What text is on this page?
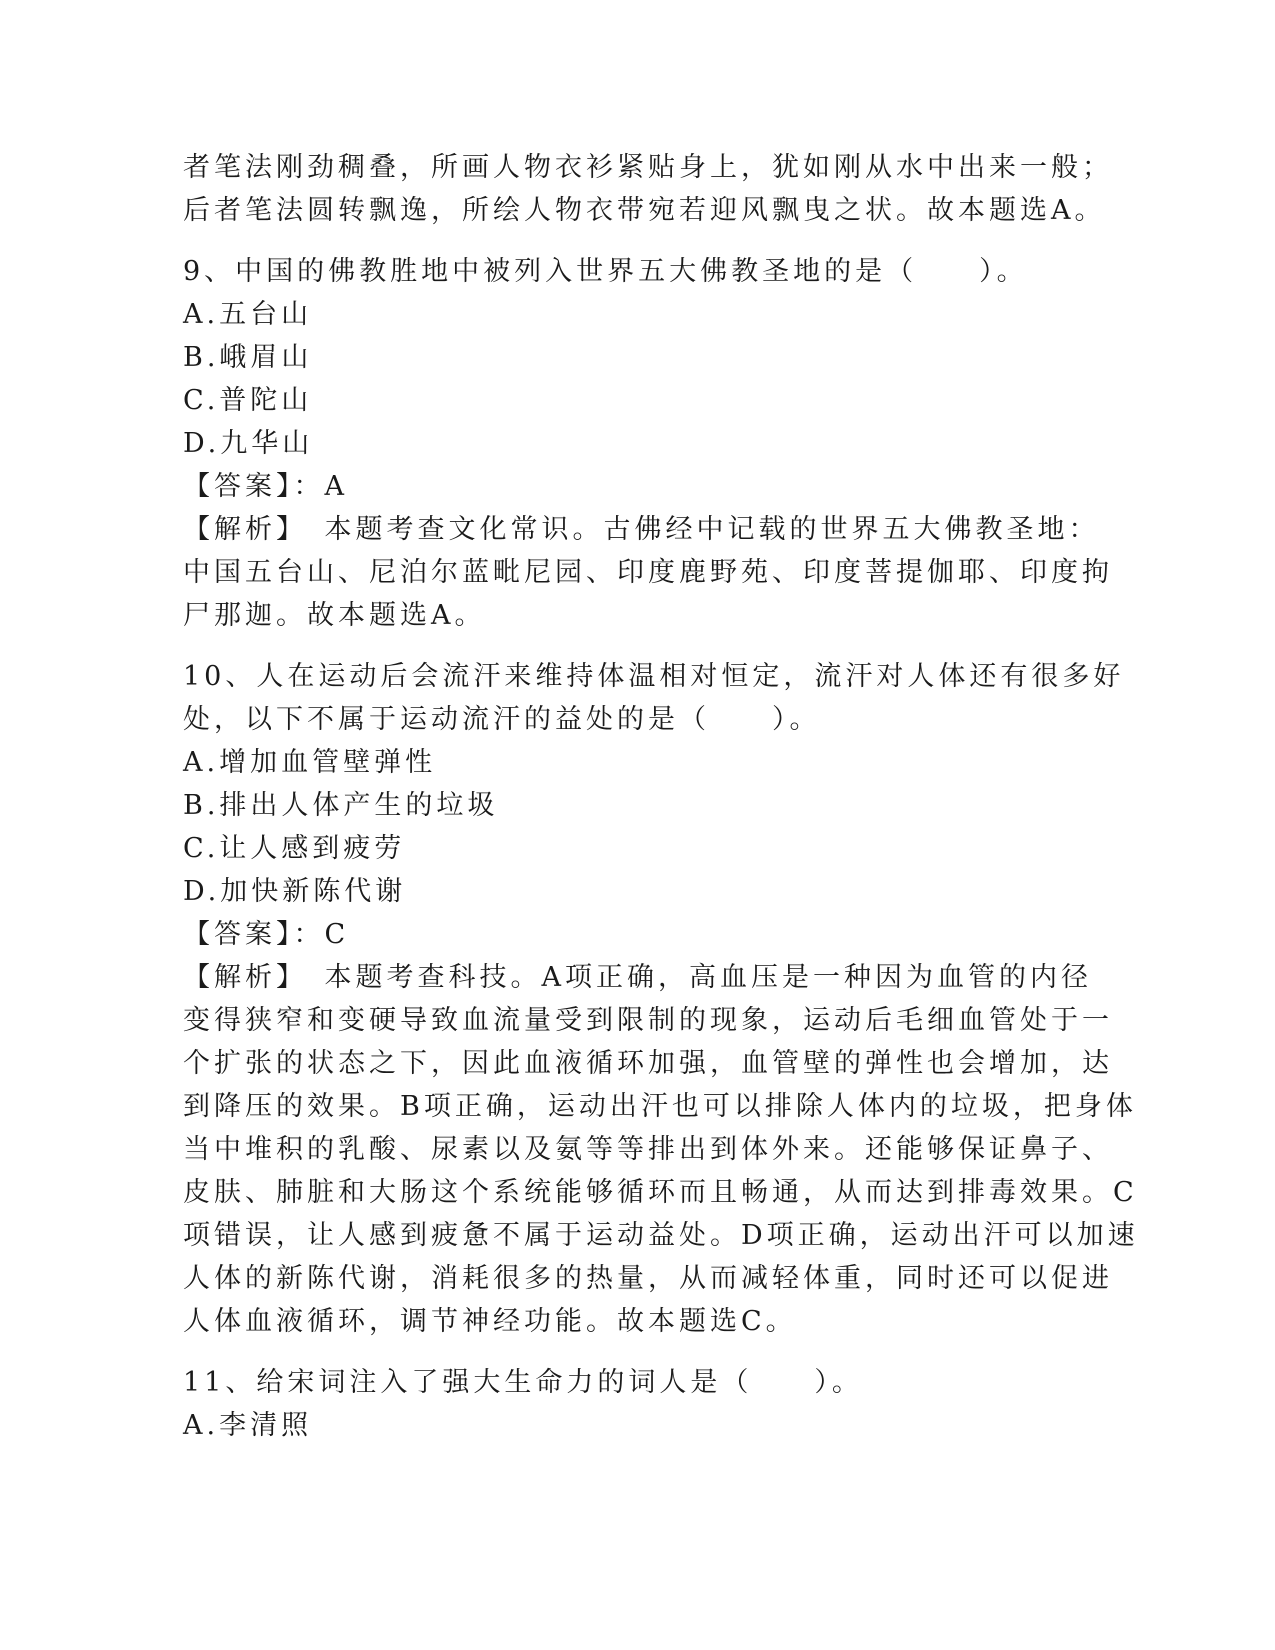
者笔法刚劲稠叠，所画人物衣衫紧贴身上，犹如刚从水中出来一般；
后者笔法圆转飘逸，所绘人物衣带宛若迎风飘曳之状。故本题选A。
9、中国的佛教胜地中被列入世界五大佛教圣地的是（　　）。
A.五台山
B.峨眉山
C.普陀山
D.九华山
【答案】：A
【解析】　本题考查文化常识。古佛经中记载的世界五大佛教圣地：
中国五台山、尼泊尔蓝毗尼园、印度鹿野苑、印度菩提伽耶、印度拘
尸那迦。故本题选A。
10、人在运动后会流汗来维持体温相对恒定，流汗对人体还有很多好
处，以下不属于运动流汗的益处的是（　　）。
A.增加血管壁弹性
B.排出人体产生的垃圾
C.让人感到疲劳
D.加快新陈代谢
【答案】：C
【解析】　本题考查科技。A项正确，高血压是一种因为血管的内径
变得狭窄和变硬导致血流量受到限制的现象，运动后毛细血管处于一
个扩张的状态之下，因此血液循环加强，血管壁的弹性也会增加，达
到降压的效果。B项正确，运动出汗也可以排除人体内的垃圾，把身体
当中堆积的乳酸、尿素以及氨等等排出到体外来。还能够保证鼻子、
皮肤、肺脏和大肠这个系统能够循环而且畅通，从而达到排毒效果。C
项错误，让人感到疲惫不属于运动益处。D项正确，运动出汗可以加速
人体的新陈代谢，消耗很多的热量，从而减轻体重，同时还可以促进
人体血液循环，调节神经功能。故本题选C。
11、给宋词注入了强大生命力的词人是（　　）。
A.李清照
